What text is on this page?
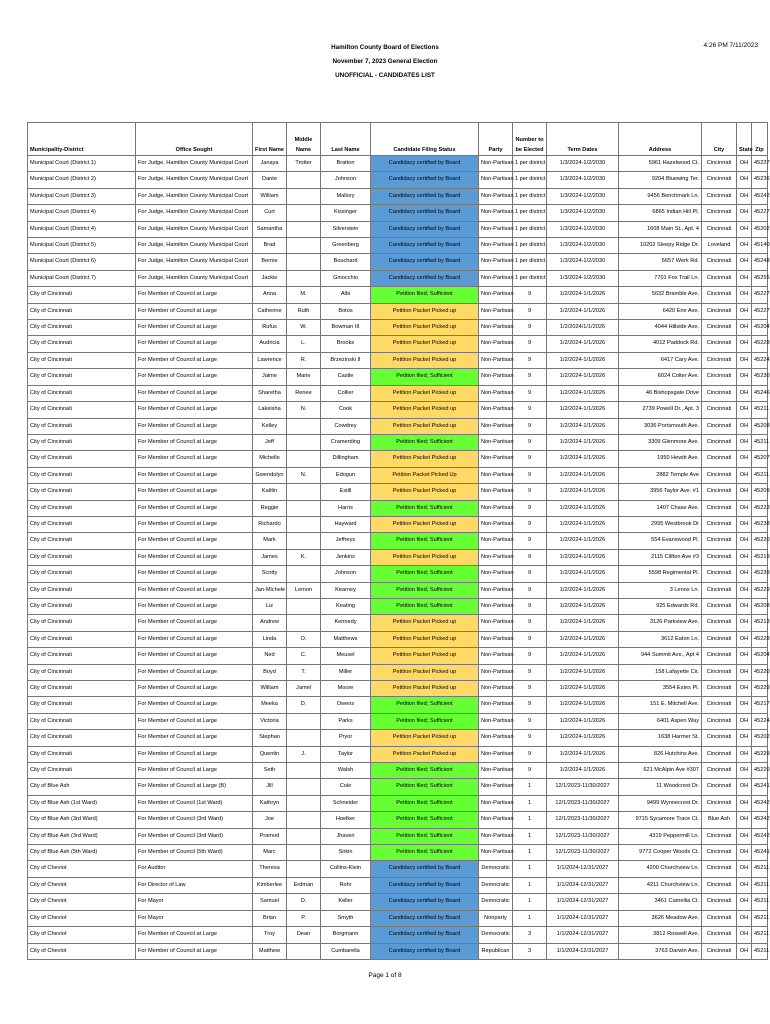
4:26 PM 7/11/2023
Hamilton County Board of Elections
November 7, 2023 General Election
UNOFFICIAL - CANDIDATES LIST
Municipality-District	Office Sought	First Name	Middle Name	Last Name	Candidate Filing Status	Party	Number to be Elected	Term Dates	Address	City	State	Zip
Municipal Court (District 1)	For Judge, Hamilton County Municipal Court	Janaya	Trotter	Bratton	Candidacy certified by Board	Non-Partisan	1 per district	1/3/2024-1/2/2030	5961 Hazelwood Ct.	Cincinnati	OH	45237
Municipal Court (District 2)	For Judge, Hamilton County Municipal Court	Dante		Johnson	Candidacy certified by Board	Non-Partisan	1 per district	1/3/2024-1/2/2030	9204 Bluewing Ter.	Cincinnati	OH	45236
Municipal Court (District 3)	For Judge, Hamilton County Municipal Court	William		Mallory	Candidacy certified by Board	Non-Partisan	1 per district	1/3/2024-1/2/2030	9456 Benchmark Ln.	Cincinnati	OH	45242
Municipal Court (District 4)	For Judge, Hamilton County Municipal Court	Curt		Kissinger	Candidacy certified by Board	Non-Partisan	1 per district	1/3/2024-1/2/2030	6865 Indian Hill Pl.	Cincinnati	OH	45227
Municipal Court (District 4)	For Judge, Hamilton County Municipal Court	Samantha		Silverstein	Candidacy certified by Board	Non-Partisan	1 per district	1/3/2024-1/2/2030	1608 Main St., Apt. 4	Cincinnati	OH	45202
Municipal Court (District 5)	For Judge, Hamilton County Municipal Court	Brad		Greenberg	Candidacy certified by Board	Non-Partisan	1 per district	1/3/2024-1/2/2030	10202 Sleepy Ridge Dr.	Loveland	OH	45140
Municipal Court (District 6)	For Judge, Hamilton County Municipal Court	Bernie		Bouchard	Candidacy certified by Board	Non-Partisan	1 per district	1/3/2024-1/2/2030	5657 Werk Rd.	Cincinnati	OH	45248
Municipal Court (District 7)	For Judge, Hamilton County Municipal Court	Jackie		Ginocchio	Candidacy certified by Board	Non-Partisan	1 per district	1/3/2024-1/2/2030	7701 Fox Trail Ln.	Cincinnati	OH	45255
City of Cincinnati	For Member of Council at Large	Anna	M.	Albi	Petition filed; Sufficient	Non-Partisan	9	1/2/2024-1/1/2026	5632 Bramble Ave.	Cincinnati	OH	45227
City of Cincinnati	For Member of Council at Large	Catherine	Ruth	Botos	Petition Packet Picked up	Non-Partisan	9	1/2/2024-1/1/2026	6420 Erie Ave.	Cincinnati	OH	45227
City of Cincinnati	For Member of Council at Large	Rufus	W.	Bowman III	Petition Packet Picked up	Non-Partisan	9	1/2/2024/1/1/2026	4044 Hillside Ave.	Cincinnati	OH	45204
City of Cincinnati	For Member of Council at Large	Audricia	L.	Brooks	Petition Packet Picked up	Non-Partisan	9	1/2/2024-1/1/2026	4012 Paddock Rd.	Cincinnati	OH	45229
City of Cincinnati	For Member of Council at Large	Lawrence	R.	Brzezinski II	Petition Packet Picked up	Non-Partisan	9	1/2/2024-1/1/2026	6417 Cary Ave.	Cincinnati	OH	45224
City of Cincinnati	For Member of Council at Large	Jaime	Marie	Castle	Petition filed; Sufficient	Non-Partisan	9	1/2/2024-1/1/2026	6024 Colter Ave.	Cincinnati	OH	45230
City of Cincinnati	For Member of Council at Large	Sharetha	Renee	Collier	Petition Packet Picked up	Non-Partisan	9	1/2/2024-1/1/2026	46 Bishopsgate Drive	Cincinnati	OH	45246
City of Cincinnati	For Member of Council at Large	Lakeisha	N.	Cook	Petition Packet Picked up	Non-Partisan	9	1/2/2024-1/1/2026	2739 Powell Dr., Apt. 3	Cincinnati	OH	45211
City of Cincinnati	For Member of Council at Large	Kelley		Cowdrey	Petition Packet Picked up	Non-Partisan	9	1/2/2024-1/1/2026	3036 Portsmouth Ave.	Cincinnati	OH	45208
City of Cincinnati	For Member of Council at Large	Jeff		Cramerding	Petition filed; Sufficient	Non-Partisan	9	1/2/2024-1/1/2026	3309 Glenmore Ave.	Cincinnati	OH	45211
City of Cincinnati	For Member of Council at Large	Michelle		Dillingham	Petition Packet Picked up	Non-Partisan	9	1/2/2024-1/1/2026	1950 Hewitt Ave.	Cincinnati	OH	45207
City of Cincinnati	For Member of Council at Large	Gwendolyn	N.	Edogun	Petition Packet Picked Up	Non-Partisan	9	1/2/2024-1/1/2026	2882 Temple Ave	Cincinnati	OH	45211
City of Cincinnati	For Member of Council at Large	Kaitlin		Estill	Petition Packet Picked up	Non-Partisan	9	1/2/2024-1/1/2026	3956 Taylor Ave. #1	Cincinnati	OH	45209
City of Cincinnati	For Member of Council at Large	Reggie		Harris	Petition filed; Sufficient	Non-Partisan	9	1/2/2024-1/1/2026	1407 Chase Ave.	Cincinnati	OH	45223
City of Cincinnati	For Member of Council at Large	Richardo		Hayward	Petition Packet Picked up	Non-Partisan	9	1/2/2024-1/1/2026	2995 Westbrook Dr	Cincinnati	OH	45238
City of Cincinnati	For Member of Council at Large	Mark		Jeffreys	Petition filed; Sufficient	Non-Partisan	9	1/2/2024-1/1/2026	554 Evanswood Pl.	Cincinnati	OH	45220
City of Cincinnati	For Member of Council at Large	James	K.	Jenkins	Petition Packet Picked up	Non-Partisan	9	1/2/2024-1/1/2026	2115 Clifton Ave #3	Cincinnati	OH	45219
City of Cincinnati	For Member of Council at Large	Scotty		Johnson	Petition filed; Sufficient	Non-Partisan	9	1/2/2024-1/1/2026	5598 Regimental Pl.	Cincinnati	OH	45239
City of Cincinnati	For Member of Council at Large	Jan-Michele	Lemon	Kearney	Petition filed; Sufficient	Non-Partisan	9	1/2/2024-1/1/2026	3 Lenox Ln.	Cincinnati	OH	45229
City of Cincinnati	For Member of Council at Large	Liz		Keating	Petition filed; Sufficient	Non-Partisan	9	1/2/2024-1/1/2026	925 Edwards Rd.	Cincinnati	OH	45208
City of Cincinnati	For Member of Council at Large	Andrew		Kennedy	Petition Packet Picked up	Non-Partisan	9	1/2/2024-1/1/2026	3126 Parkview Ave.	Cincinnati	OH	45213
City of Cincinnati	For Member of Council at Large	Linda	O.	Matthews	Petition Packet Picked up	Non-Partisan	9	1/2/2024-1/1/2026	3612 Eaton Ln.	Cincinnati	OH	45229
City of Cincinnati	For Member of Council at Large	Ned	C.	Meusel	Petition Packet Picked up	Non-Partisan	9	1/2/2024-1/1/2026	944 Summit Ave., Apt 4	Cincinnati	OH	45204
City of Cincinnati	For Member of Council at Large	Boyd	T.	Miller	Petition Packet Picked up	Non-Partisan	9	1/2/2024-1/1/2026	158 Lafayette Cir.	Cincinnati	OH	45220
City of Cincinnati	For Member of Council at Large	William	Jamel	Moore	Petition Packet Picked up	Non-Partisan	9	1/2/2024-1/1/2026	3554 Estes Pl.	Cincinnati	OH	45229
City of Cincinnati	For Member of Council at Large	Meeka	D.	Owens	Petition filed; Sufficient	Non-Partisan	9	1/2/2024-1/1/2026	151 E. Mitchell Ave.	Cincinnati	OH	45217
City of Cincinnati	For Member of Council at Large	Victoria		Parks	Petition filed; Sufficient	Non-Partisan	9	1/2/2024-1/1/2026	6401 Aspen Way	Cincinnati	OH	45224
City of Cincinnati	For Member of Council at Large	Stephan		Pryor	Petition Packet Picked up	Non-Partisan	9	1/2/2024-1/1/2026	1638 Harmer St.	Cincinnati	OH	45202
City of Cincinnati	For Member of Council at Large	Quentin	J.	Taylor	Petition Packet Picked up	Non-Partisan	9	1/2/2024-1/1/2026	826 Hutchins Ave.	Cincinnati	OH	45229
City of Cincinnati	For Member of Council at Large	Seth		Walsh	Petition filed; Sufficient	Non-Partisan	9	1/2/2024-1/1/2026	621 McAlpin Ave #307	Cincinnati	OH	45220
City of Blue Ash	For Member of Council at Large (B)	Jill		Cole	Petition filed; Sufficient	Non-Partisan	1	12/1/2023-11/30/2027	11 Woodcrest Dr.	Cincinnati	OH	45241
City of Blue Ash (1st Ward)	For Member of Council (1st Ward)	Kathryn		Schneider	Petition filed; Sufficient	Non-Partisan	1	12/1/2023-11/30/2027	9499 Wynnecrest Dr.	Cincinnati	OH	45242
City of Blue Ash (3rd Ward)	For Member of Council (3rd Ward)	Joe		Hoelker	Petition filed; Sufficient	Non-Partisan	1	12/1/2023-11/30/2027	9715 Sycamore Trace Ct.	Blue Ash	OH	45242
City of Blue Ash (3rd Ward)	For Member of Council (3rd Ward)	Pramod		Jhaveri	Petition filed; Sufficient	Non-Partisan	1	12/1/2023-11/30/2027	4319 Peppermill Ln.	Cincinnati	OH	45242
City of Blue Ash (5th Ward)	For Member of Council (5th Ward)	Marc		Sirkin	Petition filed; Sufficient	Non-Partisan	1	12/1/2023-11/30/2027	9772 Cooper Woods Ct.	Cincinnati	OH	45241
City of Cheviot	For Auditor	Theresa		Collins-Klein	Candidacy certified by Board	Democratic	1	1/1/2024-12/31/2027	4200 Churchview Ln.	Cincinnati	OH	45211
City of Cheviot	For Director of Law	Kimberlee	Erdman	Rohr	Candidacy certified by Board	Democratic	1	1/1/2024-12/31/2027	4211 Churchview Ln.	Cincinnati	OH	45211
City of Cheviot	For Mayor	Samuel	D.	Keller	Candidacy certified by Board	Democratic	1	1/1/2024-12/31/2027	3461 Camellia Ct.	Cincinnati	OH	45211
City of Cheviot	For Mayor	Brian	P.	Smyth	Candidacy certified by Board	Nonparty	1	1/1/2024-12/31/2027	3626 Meadow Ave.	Cincinnati	OH	45211
City of Cheviot	For Member of Council at Large	Troy	Dean	Borgmann	Candidacy certified by Board	Democratic	3	1/1/2024-12/31/2027	3812 Roswell Ave.	Cincinnati	OH	45211
City of Cheviot	For Member of Council at Large	Matthew		Cumbarella	Candidacy certified by Board	Republican	3	1/1/2024-12/31/2027	3763 Darwin Ave.	Cincinnati	OH	45211
Page 1 of 8
